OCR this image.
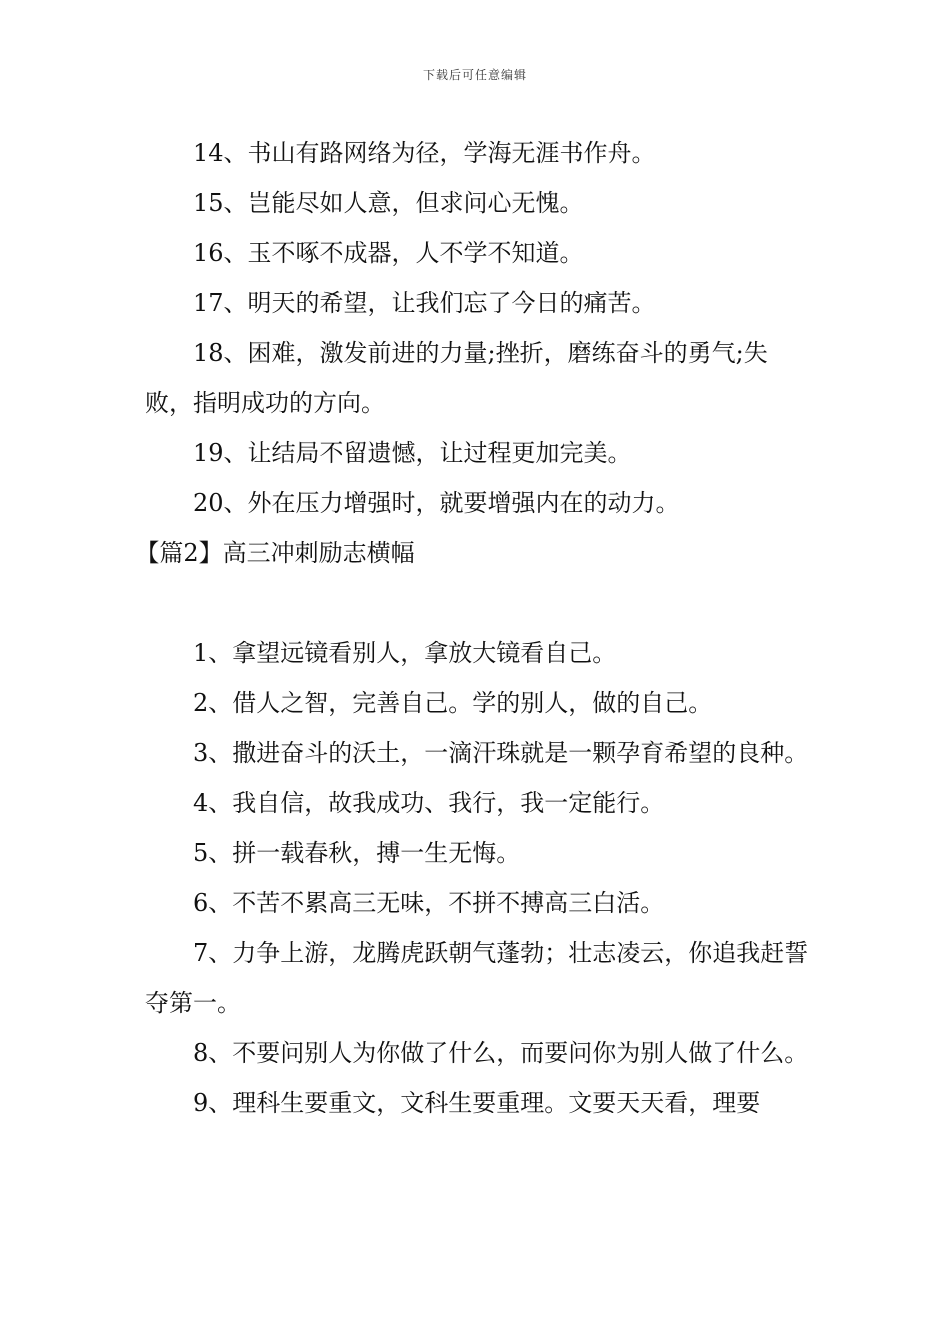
下载后可任意编辑

14、书山有路网络为径，学海无涯书作舟。

15、岂能尽如人意，但求问心无愧。

16、玉不啄不成器，人不学不知道。

17、明天的希望，让我们忘了今日的痛苦。

18、困难，激发前进的力量;挫折，磨练奋斗的勇气;失败，指明成功的方向。

19、让结局不留遗憾，让过程更加完美。

20、外在压力增强时，就要增强内在的动力。

【篇2】高三冲刺励志横幅

1、拿望远镜看别人，拿放大镜看自己。

2、借人之智，完善自己。学的别人，做的自己。

3、撒进奋斗的沃土，一滴汗珠就是一颗孕育希望的良种。

4、我自信，故我成功、我行，我一定能行。

5、拼一载春秋，搏一生无悔。

6、不苦不累高三无味，不拼不搏高三白活。

7、力争上游，龙腾虎跃朝气蓬勃；壮志凌云，你追我赶誓夺第一。

8、不要问别人为你做了什么，而要问你为别人做了什么。

9、理科生要重文，文科生要重理。文要天天看，理要
